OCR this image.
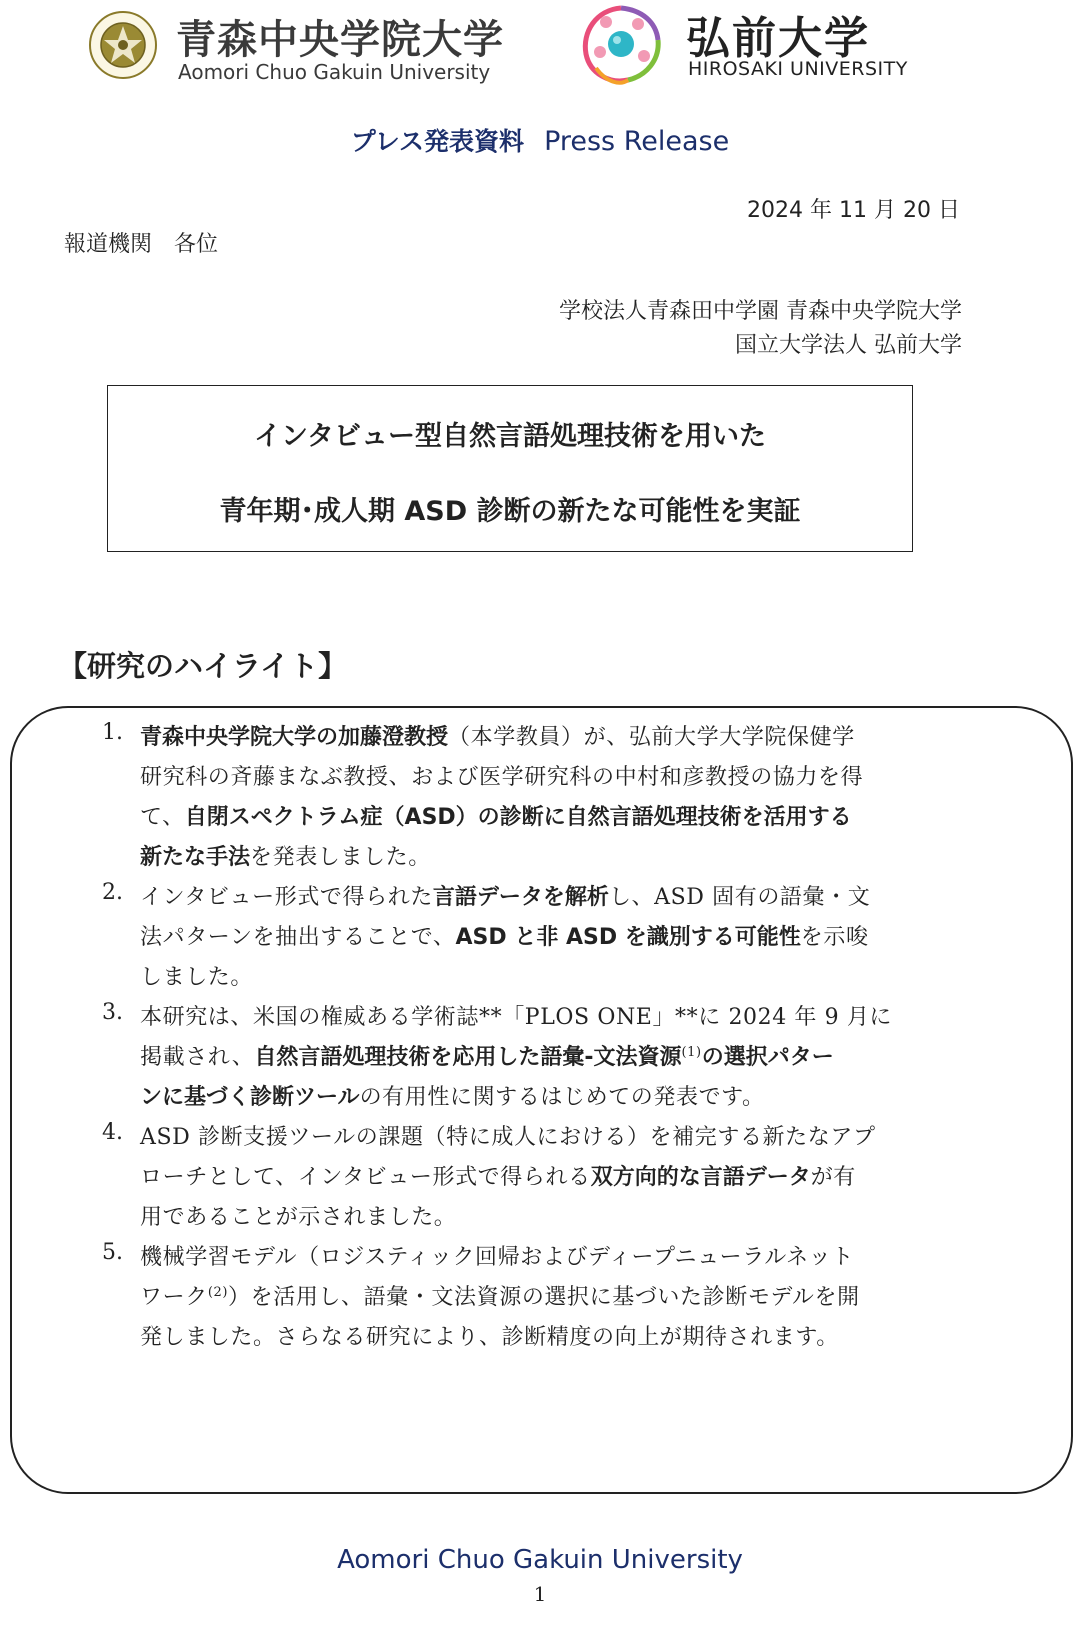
青森中央学院大学
Aomori Chuo Gakuin University
弘前大学
HIROSAKI UNIVERSITY
プレス発表資料 Press Release
2024 年 11 月 20 日
報道機関　各位
学校法人青森田中学園 青森中央学院大学
国立大学法人 弘前大学
インタビュー型自然言語処理技術を用いた
青年期･成人期 ASD 診断の新たな可能性を実証
【研究のハイライト】
1. 青森中央学院大学の加藤澄教授（本学教員）が、弘前大学大学院保健学
研究科の斉藤まなぶ教授、および医学研究科の中村和彦教授の協力を得
て、自閉スペクトラム症（ASD）の診断に自然言語処理技術を活用する
新たな手法を発表しました。
2. インタビュー形式で得られた言語データを解析し、ASD 固有の語彙・文
法パターンを抽出することで、ASD と非 ASD を識別する可能性を示唆
しました。
3. 本研究は、米国の権威ある学術誌**「PLOS ONE」**に 2024 年 9 月に
掲載され、自然言語処理技術を応用した語彙-文法資源$^{(1)}$の選択パター
ンに基づく診断ツールの有用性に関するはじめての発表です。
4. ASD 診断支援ツールの課題（特に成人における）を補完する新たなアプ
ローチとして、インタビュー形式で得られる双方向的な言語データが有
用であることが示されました。
5. 機械学習モデル（ロジスティック回帰およびディープニューラルネット
ワーク$^{(2)}$）を活用し、語彙・文法資源の選択に基づいた診断モデルを開
発しました。さらなる研究により、診断精度の向上が期待されます。
Aomori Chuo Gakuin University
1
